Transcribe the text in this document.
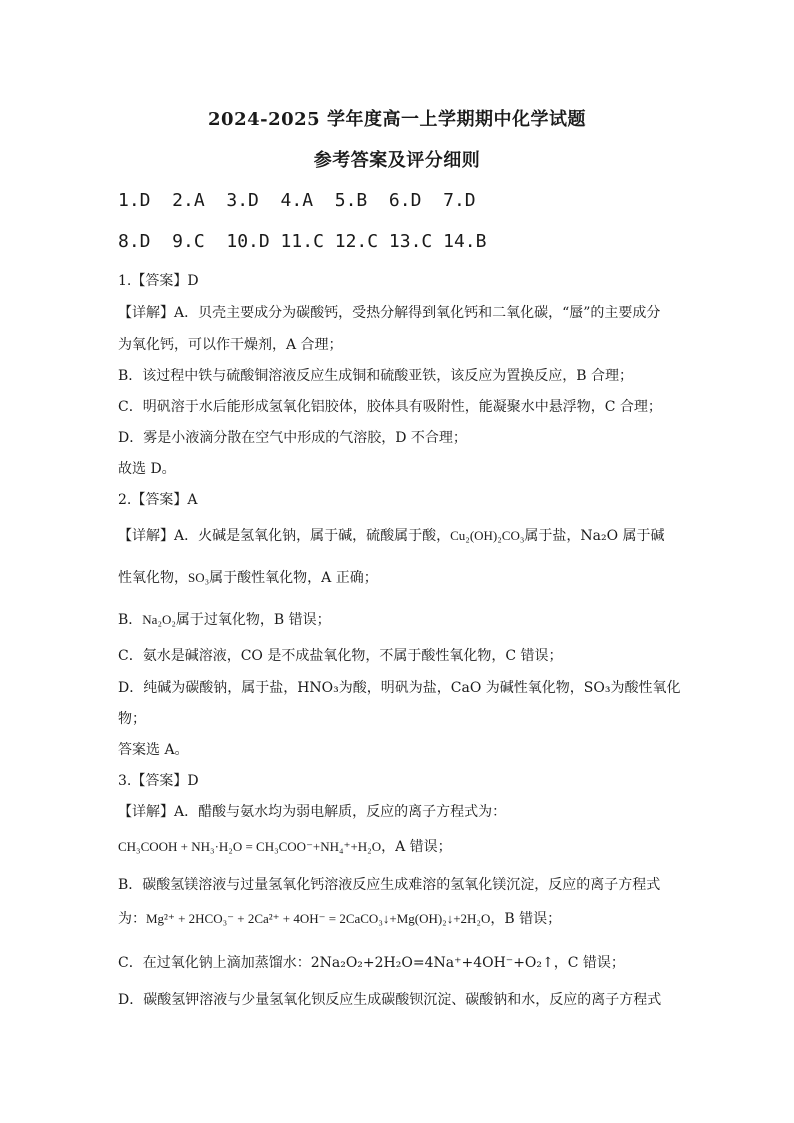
2024-2025 学年度高一上学期期中化学试题
参考答案及评分细则
1.D  2.A  3.D  4.A  5.B  6.D  7.D
8.D  9.C  10.D 11.C 12.C 13.C 14.B
1.【答案】D
【详解】A．贝壳主要成分为碳酸钙，受热分解得到氧化钙和二氧化碳，“蜃”的主要成分
为氧化钙，可以作干燥剂，A 合理；
B．该过程中铁与硫酸铜溶液反应生成铜和硫酸亚铁，该反应为置换反应，B 合理；
C．明矾溶于水后能形成氢氧化铝胶体，胶体具有吸附性，能凝聚水中悬浮物，C 合理；
D．雾是小液滴分散在空气中形成的气溶胶，D 不合理；
故选 D。
2.【答案】A
【详解】A．火碱是氢氧化钠，属于碱，硫酸属于酸，Cu₂(OH)₂CO₃属于盐，Na₂O 属于碱
性氧化物，SO₃属于酸性氧化物，A 正确；
B．Na₂O₂属于过氧化物，B 错误；
C．氨水是碱溶液，CO 是不成盐氧化物，不属于酸性氧化物，C 错误；
D．纯碱为碳酸钠，属于盐，HNO₃为酸，明矾为盐，CaO 为碱性氧化物，SO₃为酸性氧化
物；
答案选 A。
3.【答案】D
【详解】A．醋酸与氨水均为弱电解质，反应的离子方程式为：
CH₃COOH + NH₃·H₂O = CH₃COO⁻+NH₄⁺+H₂O，A 错误；
B．碳酸氢镁溶液与过量氢氧化钙溶液反应生成难溶的氢氧化镁沉淀，反应的离子方程式
为：Mg²⁺ + 2HCO₃⁻ + 2Ca²⁺ + 4OH⁻ = 2CaCO₃↓+Mg(OH)₂↓+2H₂O，B 错误；
C．在过氧化钠上滴加蒸馏水：2Na₂O₂+2H₂O=4Na⁺+4OH⁻+O₂↑，C 错误；
D．碳酸氢钾溶液与少量氢氧化钡反应生成碳酸钡沉淀、碳酸钠和水，反应的离子方程式
